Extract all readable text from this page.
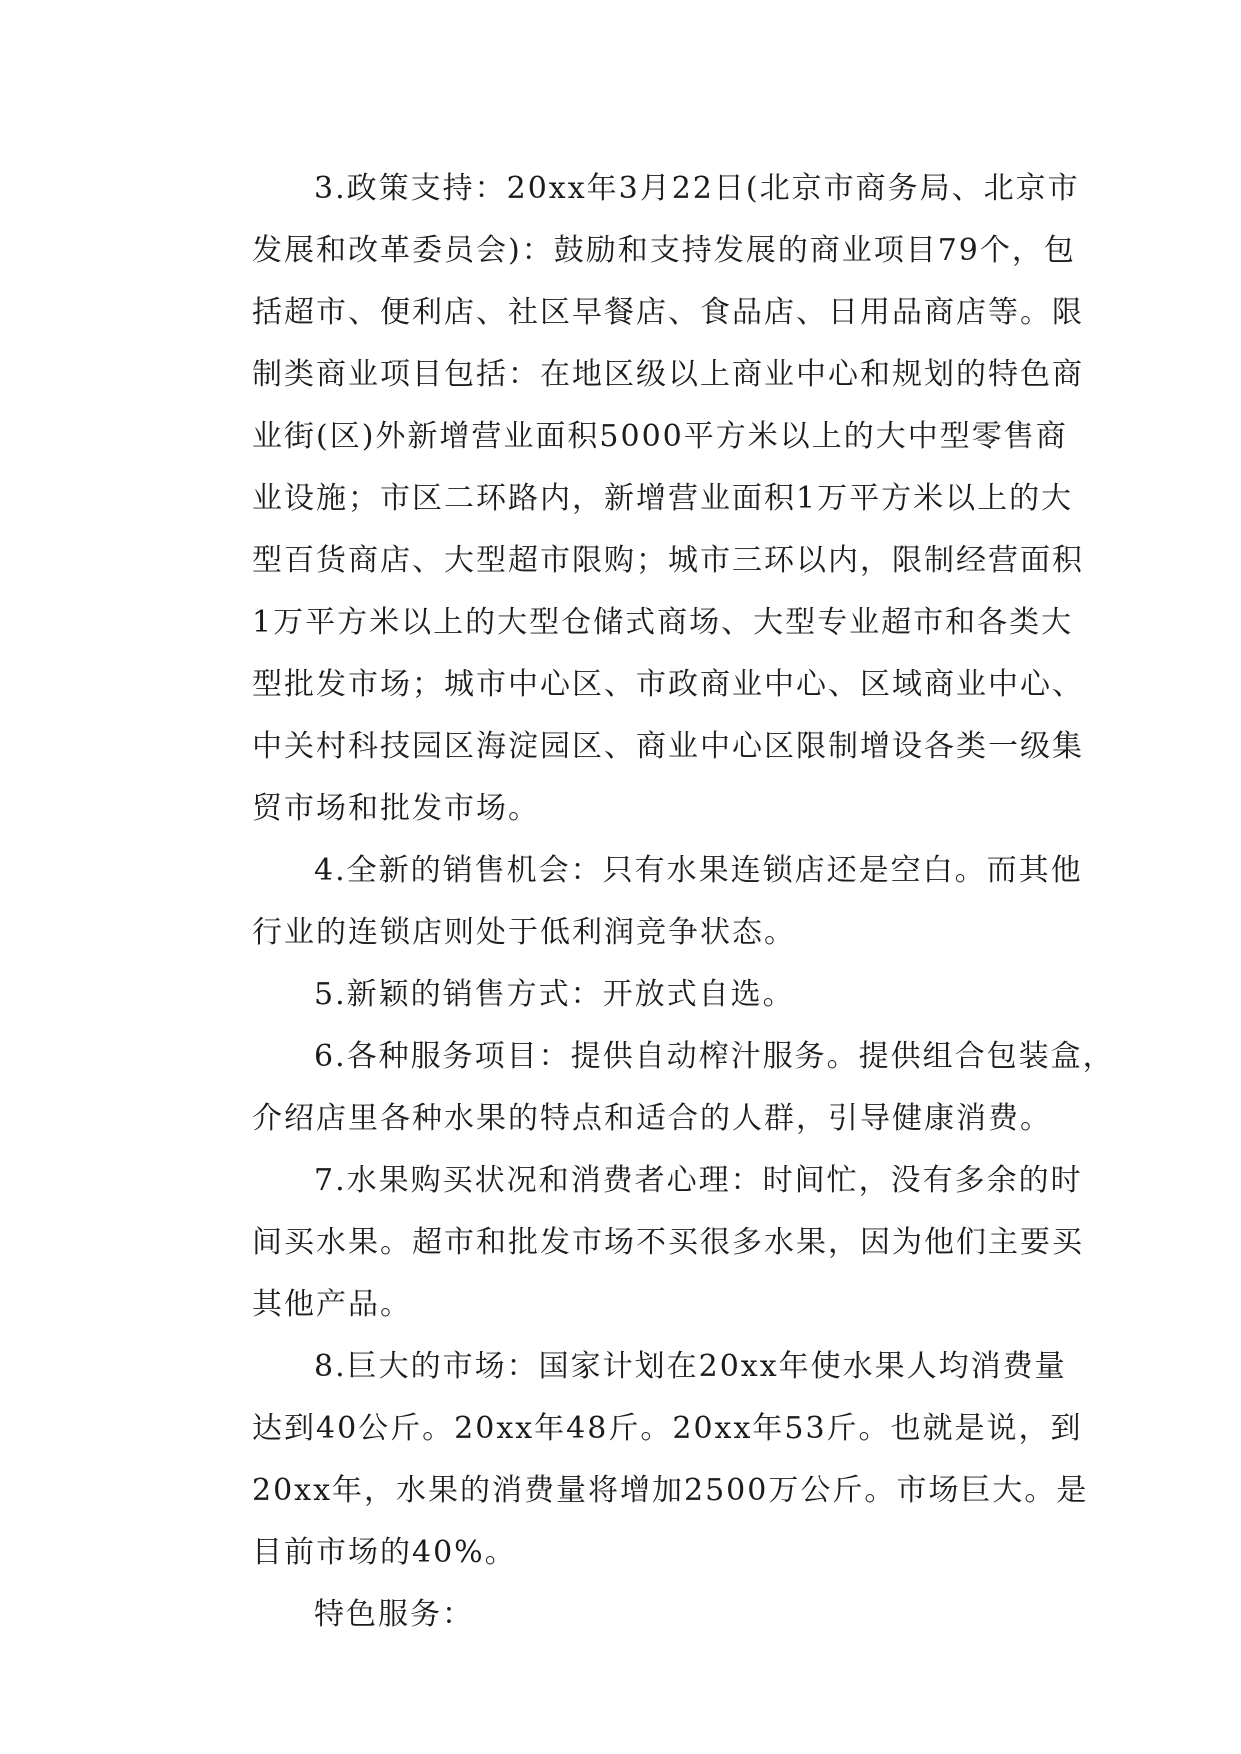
3.政策支持：20xx年3月22日(北京市商务局、北京市
发展和改革委员会)：鼓励和支持发展的商业项目79个，包
括超市、便利店、社区早餐店、食品店、日用品商店等。限
制类商业项目包括：在地区级以上商业中心和规划的特色商
业街(区)外新增营业面积5000平方米以上的大中型零售商
业设施；市区二环路内，新增营业面积1万平方米以上的大
型百货商店、大型超市限购；城市三环以内，限制经营面积
1万平方米以上的大型仓储式商场、大型专业超市和各类大
型批发市场；城市中心区、市政商业中心、区域商业中心、
中关村科技园区海淀园区、商业中心区限制增设各类一级集
贸市场和批发市场。
4.全新的销售机会：只有水果连锁店还是空白。而其他
行业的连锁店则处于低利润竞争状态。
5.新颖的销售方式：开放式自选。
6.各种服务项目：提供自动榨汁服务。提供组合包装盒，
介绍店里各种水果的特点和适合的人群，引导健康消费。
7.水果购买状况和消费者心理：时间忙，没有多余的时
间买水果。超市和批发市场不买很多水果，因为他们主要买
其他产品。
8.巨大的市场：国家计划在20xx年使水果人均消费量
达到40公斤。20xx年48斤。20xx年53斤。也就是说，到
20xx年，水果的消费量将增加2500万公斤。市场巨大。是
目前市场的40%。
特色服务：
